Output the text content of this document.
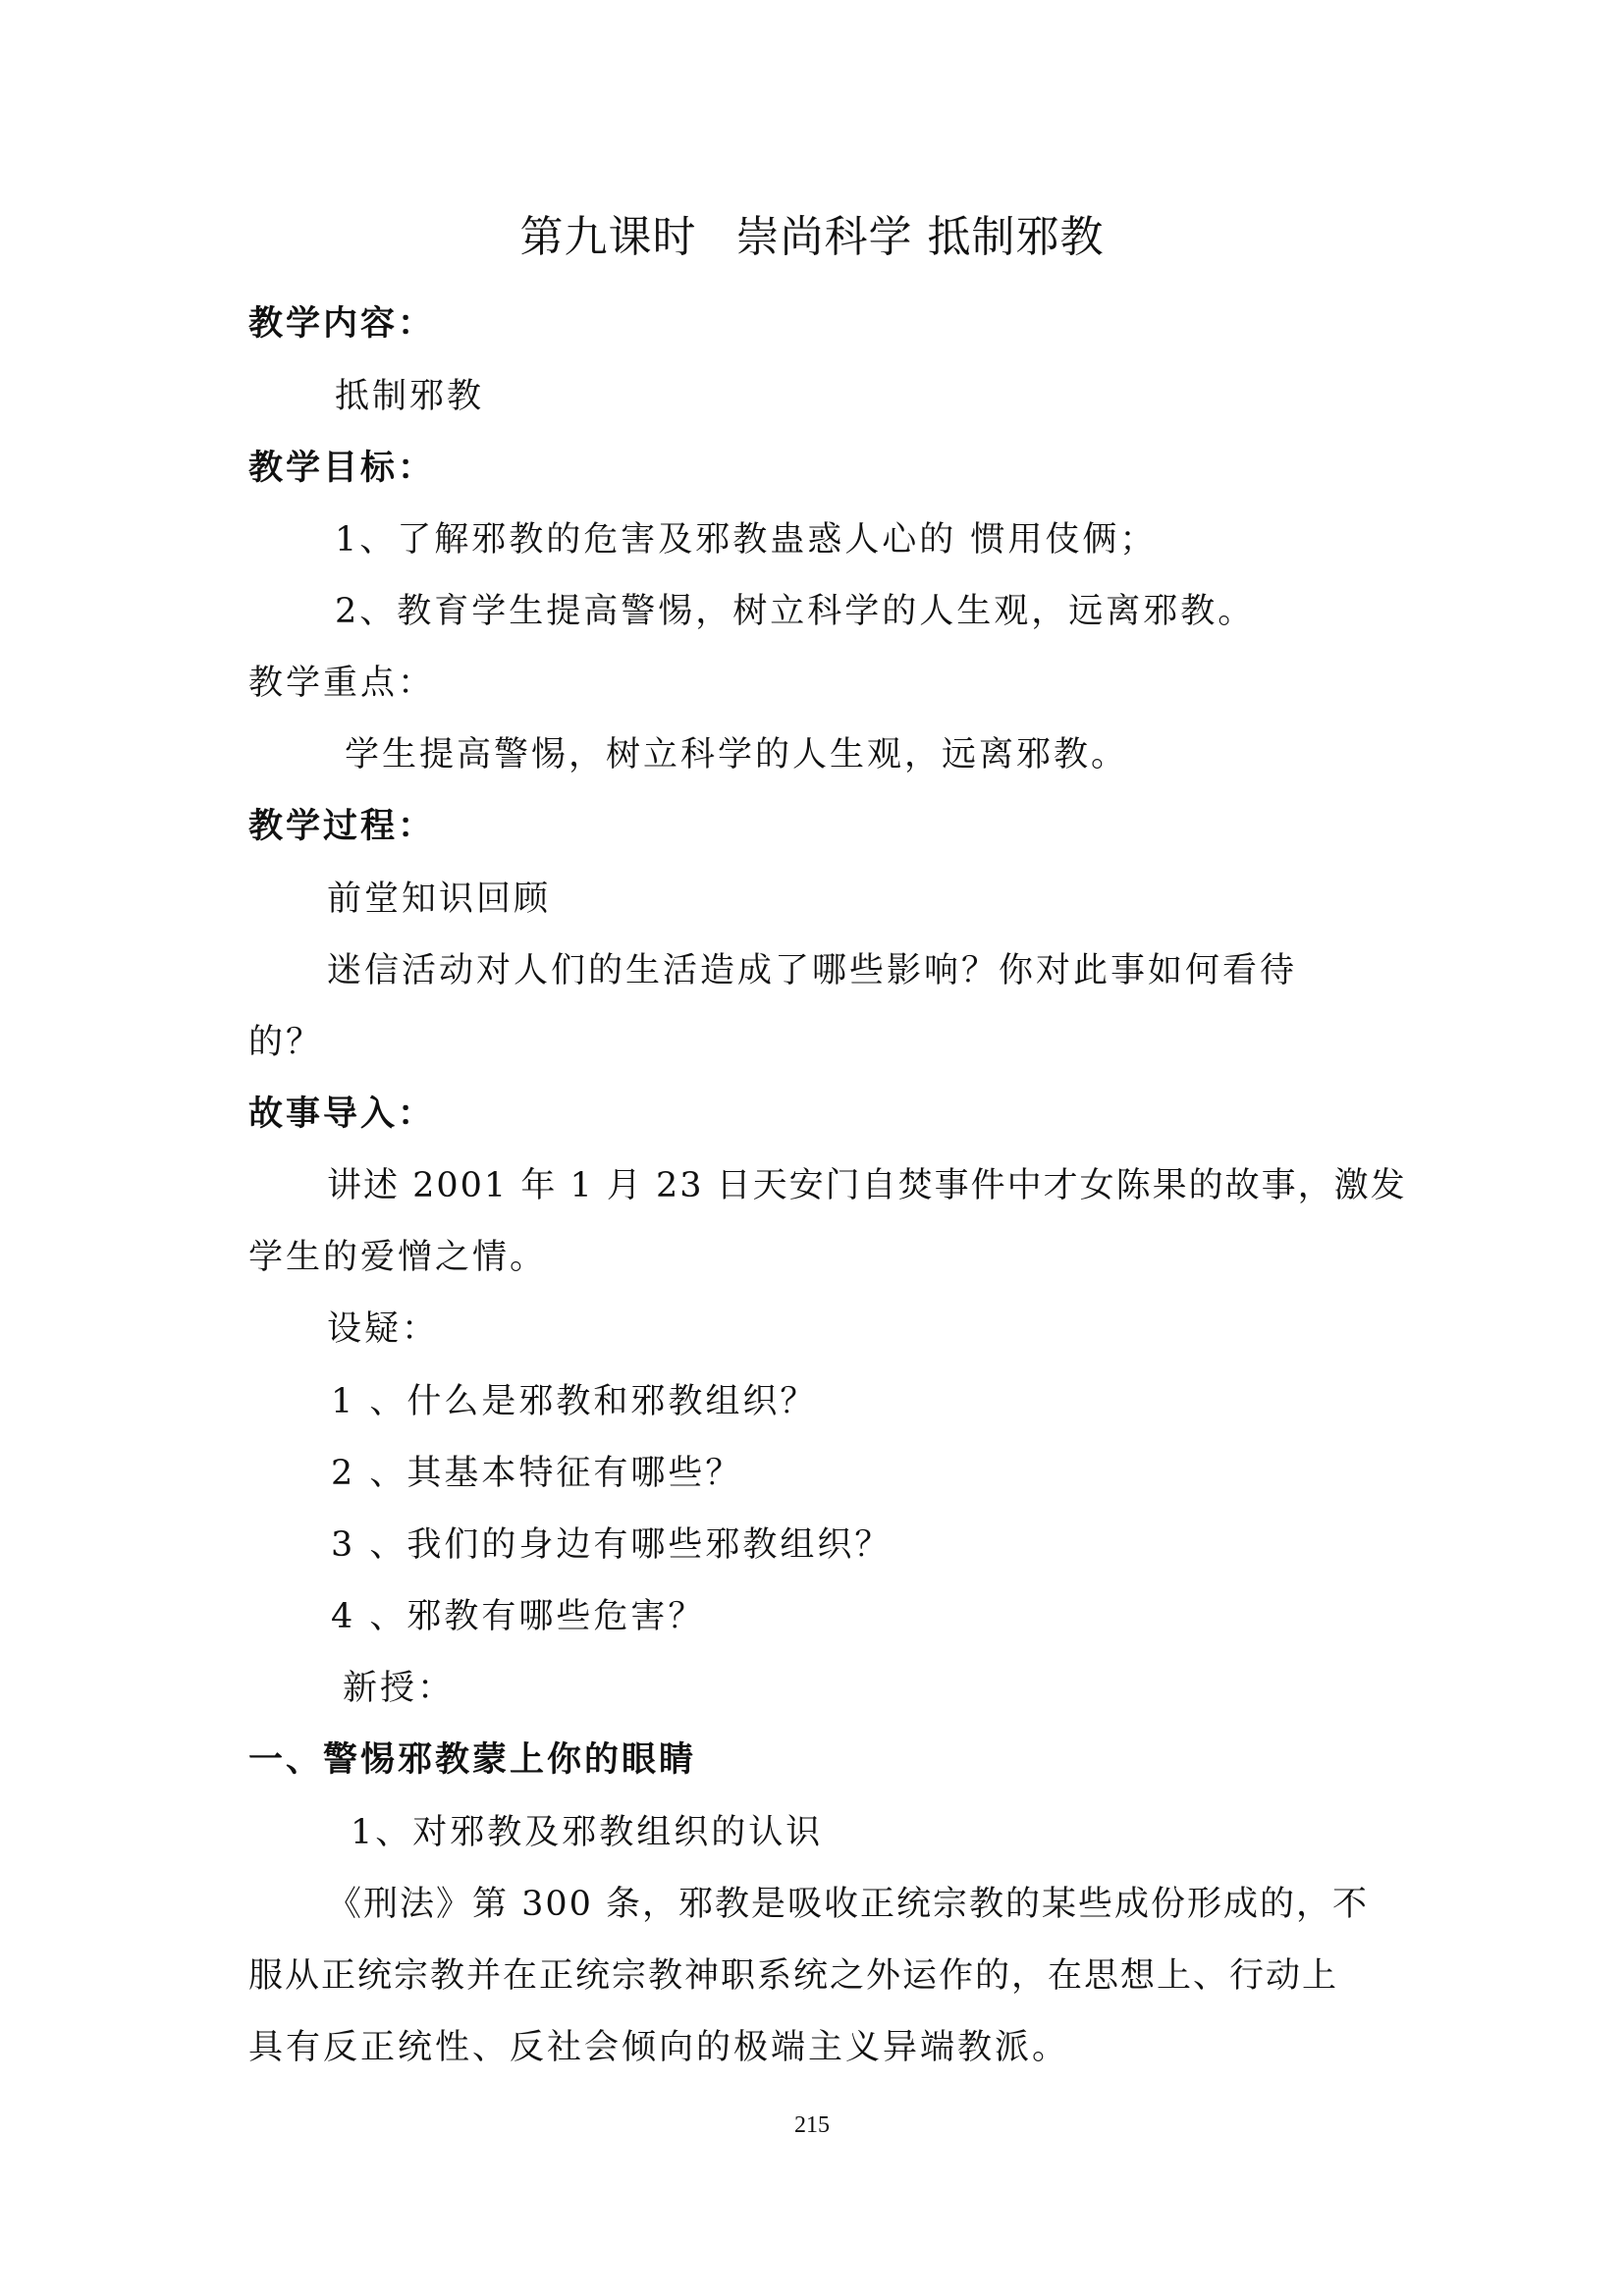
第九课时 崇尚科学 抵制邪教
教学内容：
抵制邪教
教学目标：
1、了解邪教的危害及邪教蛊惑人心的 惯用伎俩；
2、教育学生提高警惕，树立科学的人生观，远离邪教。
教学重点：
学生提高警惕，树立科学的人生观，远离邪教。
教学过程：
前堂知识回顾
迷信活动对人们的生活造成了哪些影响？你对此事如何看待
的？
故事导入：
讲述 2001 年 1 月 23 日天安门自焚事件中才女陈果的故事，激发
学生的爱憎之情。
设疑：
1 、什么是邪教和邪教组织？
2 、其基本特征有哪些？
3 、我们的身边有哪些邪教组织？
4 、邪教有哪些危害？
新授：
一、警惕邪教蒙上你的眼睛
1、对邪教及邪教组织的认识
《刑法》第 300 条，邪教是吸收正统宗教的某些成份形成的，不
服从正统宗教并在正统宗教神职系统之外运作的，在思想上、行动上
具有反正统性、反社会倾向的极端主义异端教派。
215
